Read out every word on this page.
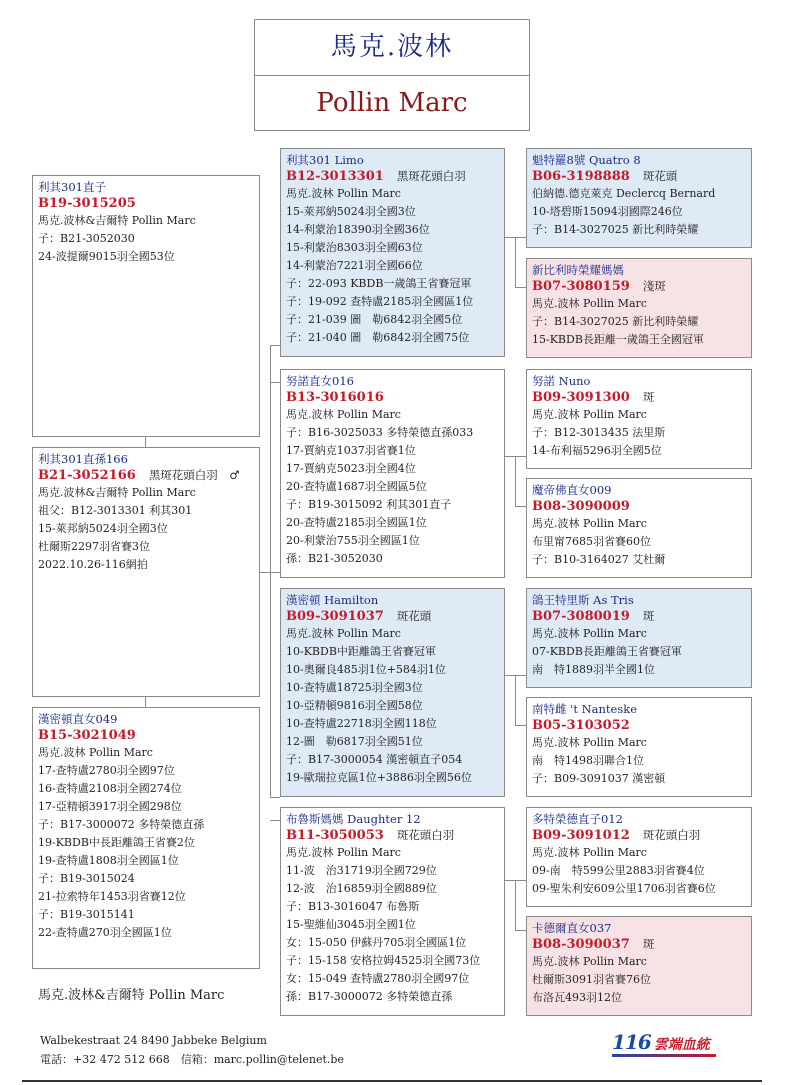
馬克.波林
Pollin Marc
利其301直子
B19-3015205
馬克.波林&吉爾特 Pollin Marc
子：B21-3052030
24-波提爾9015羽全國53位
利其301直孫166
B21-3052166　 黑斑花頭白羽　♂
馬克.波林&吉爾特 Pollin Marc
祖父：B12-3013301 利其301
15-萊邦納5024羽全國3位
杜爾斯2297羽省賽3位
2022.10.26-116網拍
漢密頓直女049
B15-3021049
馬克.波林 Pollin Marc
17-查特盧2780羽全國97位
16-查特盧2108羽全國274位
17-亞精頓3917羽全國298位
子：B17-3000072 多特榮德直孫
19-KBDB中長距離鴿王省賽2位
19-查特盧1808羽全國區1位
子：B19-3015024
21-拉索特年1453羽省賽12位
子：B19-3015141
22-查特盧270羽全國區1位
利其301 Limo
B12-3013301　 黑斑花頭白羽
馬克.波林 Pollin Marc
15-萊邦納5024羽全國3位
14-利蒙治18390羽全國36位
15-利蒙治8303羽全國63位
14-利蒙治7221羽全國66位
子：22-093 KBDB一歲鴿王省賽冠軍
子：19-092 查特盧2185羽全國區1位
子：21-039 圖　勒6842羽全國5位
子：21-040 圖　勒6842羽全國75位
努諾直女016
B13-3016016
馬克.波林 Pollin Marc
子：B16-3025033 多特榮德直孫033
17-賈納克1037羽省賽1位
17-賈納克5023羽全國4位
20-查特盧1687羽全國區5位
子：B19-3015092 利其301直子
20-查特盧2185羽全國區1位
20-利蒙治755羽全國區1位
孫：B21-3052030
漢密頓 Hamilton
B09-3091037　 斑花頭
馬克.波林 Pollin Marc
10-KBDB中距離鴿王省賽冠軍
10-奧爾良485羽1位+584羽1位
10-查特盧18725羽全國3位
10-亞精頓9816羽全國58位
10-查特盧22718羽全國118位
12-圖　勒6817羽全國51位
子：B17-3000054 漢密頓直子054
19-歐瑞拉克區1位+3886羽全國56位
布魯斯媽媽 Daughter 12
B11-3050053　 斑花頭白羽
馬克.波林 Pollin Marc
11-波　治31719羽全國729位
12-波　治16859羽全國889位
子：B13-3016047 布魯斯
15-聖維仙3045羽全國1位
女：15-050 伊蘇丹705羽全國區1位
子：15-158 安格拉姆4525羽全國73位
女：15-049 查特盧2780羽全國97位
孫：B17-3000072 多特榮德直孫
魁特羅8號 Quatro 8
B06-3198888　 斑花頭
伯納德.德克萊克 Declercq Bernard
10-塔碧斯15094羽國際246位
子：B14-3027025 新比利時榮耀
新比利時榮耀媽媽
B07-3080159　 淺斑
馬克.波林 Pollin Marc
子：B14-3027025 新比利時榮耀
15-KBDB長距離一歲鴿王全國冠軍
努諾 Nuno
B09-3091300　 斑
馬克.波林 Pollin Marc
子：B12-3013435 法里斯
14-布利福5296羽全國5位
魔帝佛直女009
B08-3090009
馬克.波林 Pollin Marc
布里甯7685羽省賽60位
子：B10-3164027 艾杜爾
鴿王特里斯 As Tris
B07-3080019　 斑
馬克.波林 Pollin Marc
07-KBDB長距離鴿王省賽冠軍
南　特1889羽半全國1位
南特雌 't Nanteske
B05-3103052
馬克.波林 Pollin Marc
南　特1498羽聯合1位
子：B09-3091037 漢密頓
多特榮德直子012
B09-3091012　 斑花頭白羽
馬克.波林 Pollin Marc
09-南　特599公里2883羽省賽4位
09-聖朱利安609公里1706羽省賽6位
卡德爾直女037
B08-3090037　 斑
馬克.波林 Pollin Marc
杜爾斯3091羽省賽76位
布洛瓦493羽12位
馬克.波林&吉爾特 Pollin Marc
Walbekestraat 24 8490 Jabbeke Belgium
電話：+32 472 512 668　信箱：marc.pollin@telenet.be
116 雲端血統
